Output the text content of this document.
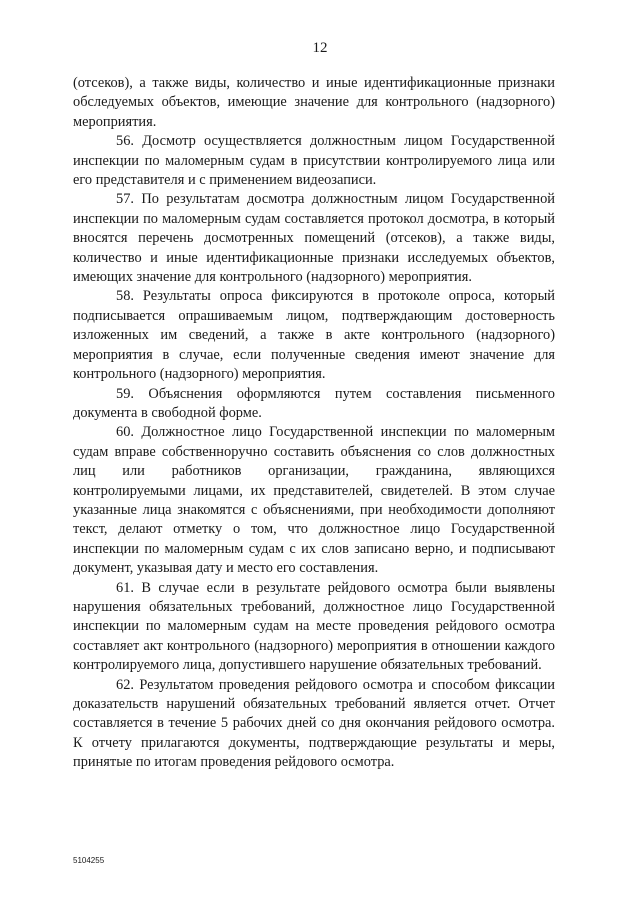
12

(отсеков), а также виды, количество и иные идентификационные признаки обследуемых объектов, имеющие значение для контрольного (надзорного) мероприятия.

56. Досмотр осуществляется должностным лицом Государственной инспекции по маломерным судам в присутствии контролируемого лица или его представителя и с применением видеозаписи.

57. По результатам досмотра должностным лицом Государственной инспекции по маломерным судам составляется протокол досмотра, в который вносятся перечень досмотренных помещений (отсеков), а также виды, количество и иные идентификационные признаки исследуемых объектов, имеющих значение для контрольного (надзорного) мероприятия.

58. Результаты опроса фиксируются в протоколе опроса, который подписывается опрашиваемым лицом, подтверждающим достоверность изложенных им сведений, а также в акте контрольного (надзорного) мероприятия в случае, если полученные сведения имеют значение для контрольного (надзорного) мероприятия.

59. Объяснения оформляются путем составления письменного документа в свободной форме.

60. Должностное лицо Государственной инспекции по маломерным судам вправе собственноручно составить объяснения со слов должностных лиц или работников организации, гражданина, являющихся контролируемыми лицами, их представителей, свидетелей. В этом случае указанные лица знакомятся с объяснениями, при необходимости дополняют текст, делают отметку о том, что должностное лицо Государственной инспекции по маломерным судам с их слов записано верно, и подписывают документ, указывая дату и место его составления.

61. В случае если в результате рейдового осмотра были выявлены нарушения обязательных требований, должностное лицо Государственной инспекции по маломерным судам на месте проведения рейдового осмотра составляет акт контрольного (надзорного) мероприятия в отношении каждого контролируемого лица, допустившего нарушение обязательных требований.

62. Результатом проведения рейдового осмотра и способом фиксации доказательств нарушений обязательных требований является отчет. Отчет составляется в течение 5 рабочих дней со дня окончания рейдового осмотра. К отчету прилагаются документы, подтверждающие результаты и меры, принятые по итогам проведения рейдового осмотра.

5104255
